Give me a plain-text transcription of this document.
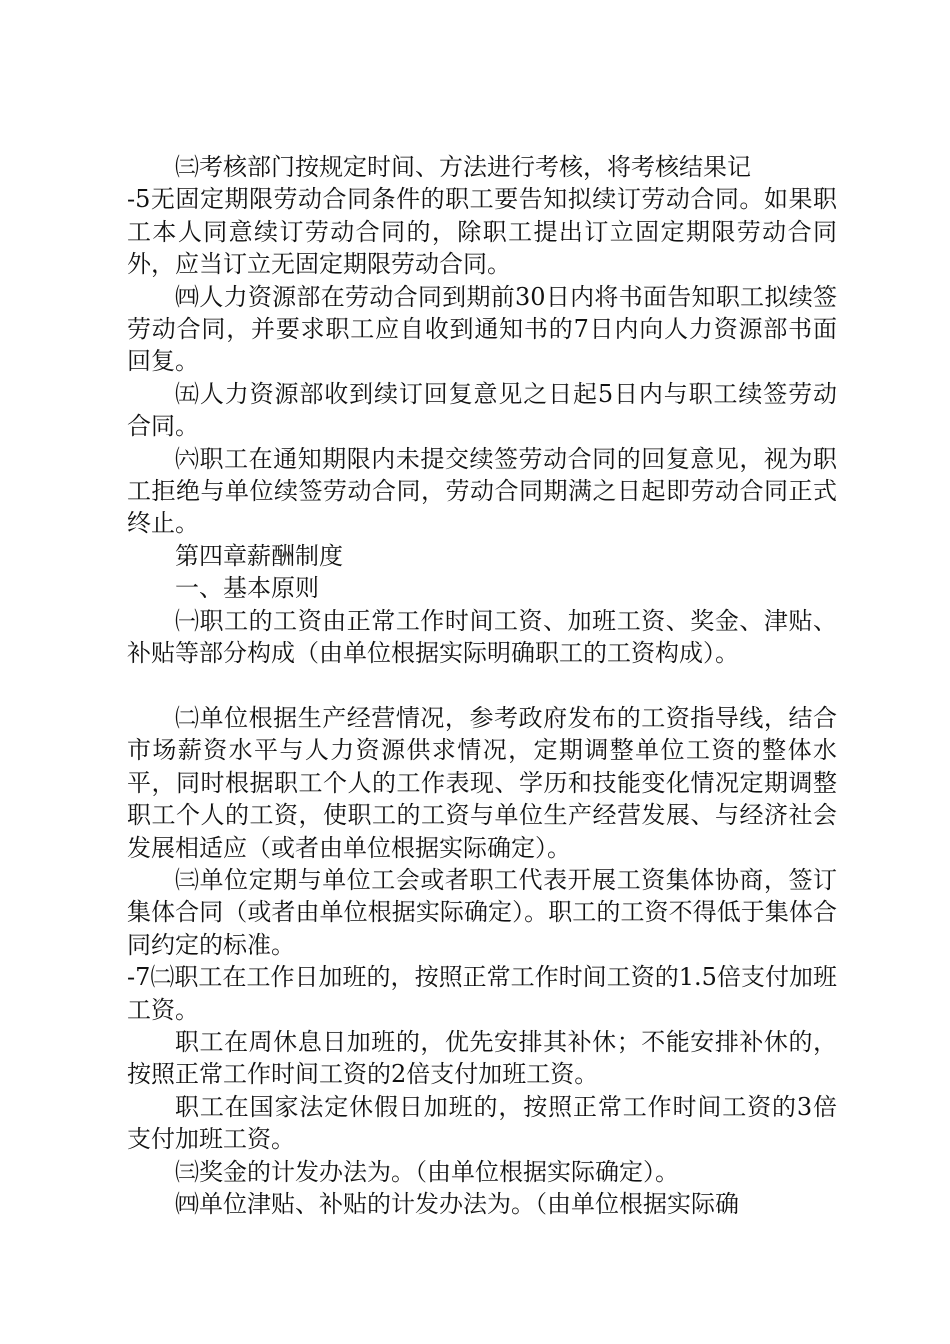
㈢考核部门按规定时间、方法进行考核，将考核结果记

-5无固定期限劳动合同条件的职工要告知拟续订劳动合同。如果职工本人同意续订劳动合同的，除职工提出订立固定期限劳动合同外，应当订立无固定期限劳动合同。

㈣人力资源部在劳动合同到期前30日内将书面告知职工拟续签劳动合同，并要求职工应自收到通知书的7日内向人力资源部书面回复。

㈤人力资源部收到续订回复意见之日起5日内与职工续签劳动合同。

㈥职工在通知期限内未提交续签劳动合同的回复意见，视为职工拒绝与单位续签劳动合同，劳动合同期满之日起即劳动合同正式终止。

第四章薪酬制度

一、基本原则

㈠职工的工资由正常工作时间工资、加班工资、奖金、津贴、补贴等部分构成（由单位根据实际明确职工的工资构成）。

㈡单位根据生产经营情况，参考政府发布的工资指导线，结合市场薪资水平与人力资源供求情况，定期调整单位工资的整体水平，同时根据职工个人的工作表现、学历和技能变化情况定期调整职工个人的工资，使职工的工资与单位生产经营发展、与经济社会发展相适应（或者由单位根据实际确定）。

㈢单位定期与单位工会或者职工代表开展工资集体协商，签订集体合同（或者由单位根据实际确定）。职工的工资不得低于集体合同约定的标准。

-7㈡职工在工作日加班的，按照正常工作时间工资的1.5倍支付加班工资。

职工在周休息日加班的，优先安排其补休；不能安排补休的，按照正常工作时间工资的2倍支付加班工资。

职工在国家法定休假日加班的，按照正常工作时间工资的3倍支付加班工资。

㈢奖金的计发办法为。（由单位根据实际确定）。

㈣单位津贴、补贴的计发办法为。（由单位根据实际确
